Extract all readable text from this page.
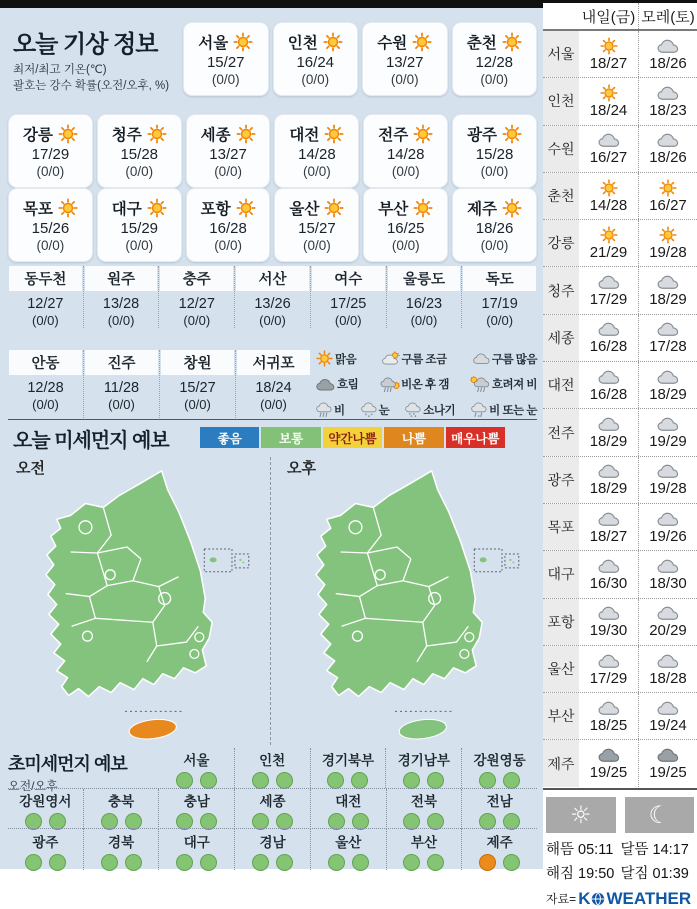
오늘 기상 정보
최저/최고 기온(℃)
괄호는 강수 확률(오전/오후, %)
서울
15/27
(0/0)
인천
16/24
(0/0)
수원
13/27
(0/0)
춘천
12/28
(0/0)
강릉
17/29
(0/0)
청주
15/28
(0/0)
세종
13/27
(0/0)
대전
14/28
(0/0)
전주
14/28
(0/0)
광주
15/28
(0/0)
목포
15/26
(0/0)
대구
15/29
(0/0)
포항
16/28
(0/0)
울산
15/27
(0/0)
부산
16/25
(0/0)
제주
18/26
(0/0)
동두천
12/27
(0/0)
원주
13/28
(0/0)
충주
12/27
(0/0)
서산
13/26
(0/0)
여수
17/25
(0/0)
울릉도
16/23
(0/0)
독도
17/19
(0/0)
안동
12/28
(0/0)
진주
11/28
(0/0)
창원
15/27
(0/0)
서귀포
18/24
(0/0)
맑음	구름 조금	구름 많음
흐림	비온 후 갬	흐려져 비
비	눈	소나기	비 또는 눈
오늘 미세먼지 예보	좋음	보통	약간나쁨	나쁨	매우나쁨
오전	오후
초미세먼지 예보
오전/오후
서울	인천	경기북부 경기남부 강원영동
강원영서	충북	충남	세종	대전	전북	전남
광주	경북	대구	경남	울산	부산	제주
내일(금) 모레(토)
서울
18/27 18/26
인천
18/24 18/23
수원
16/27 18/26
춘천
14/28 16/27
강릉
21/29 19/28
청주
17/29 18/29
세종
16/28 17/28
대전
16/28 18/29
전주
18/29 19/29
광주
18/29 19/28
목포
18/27 19/26
대구
16/30 18/30
포항
19/30 20/29
울산
17/29 18/28
부산
18/25 19/24
제주
19/25 19/25
☼ ☾
해뜸 05:11 달뜸 14:17
해짐 19:50 달짐 01:39
자료= K WEATHER
